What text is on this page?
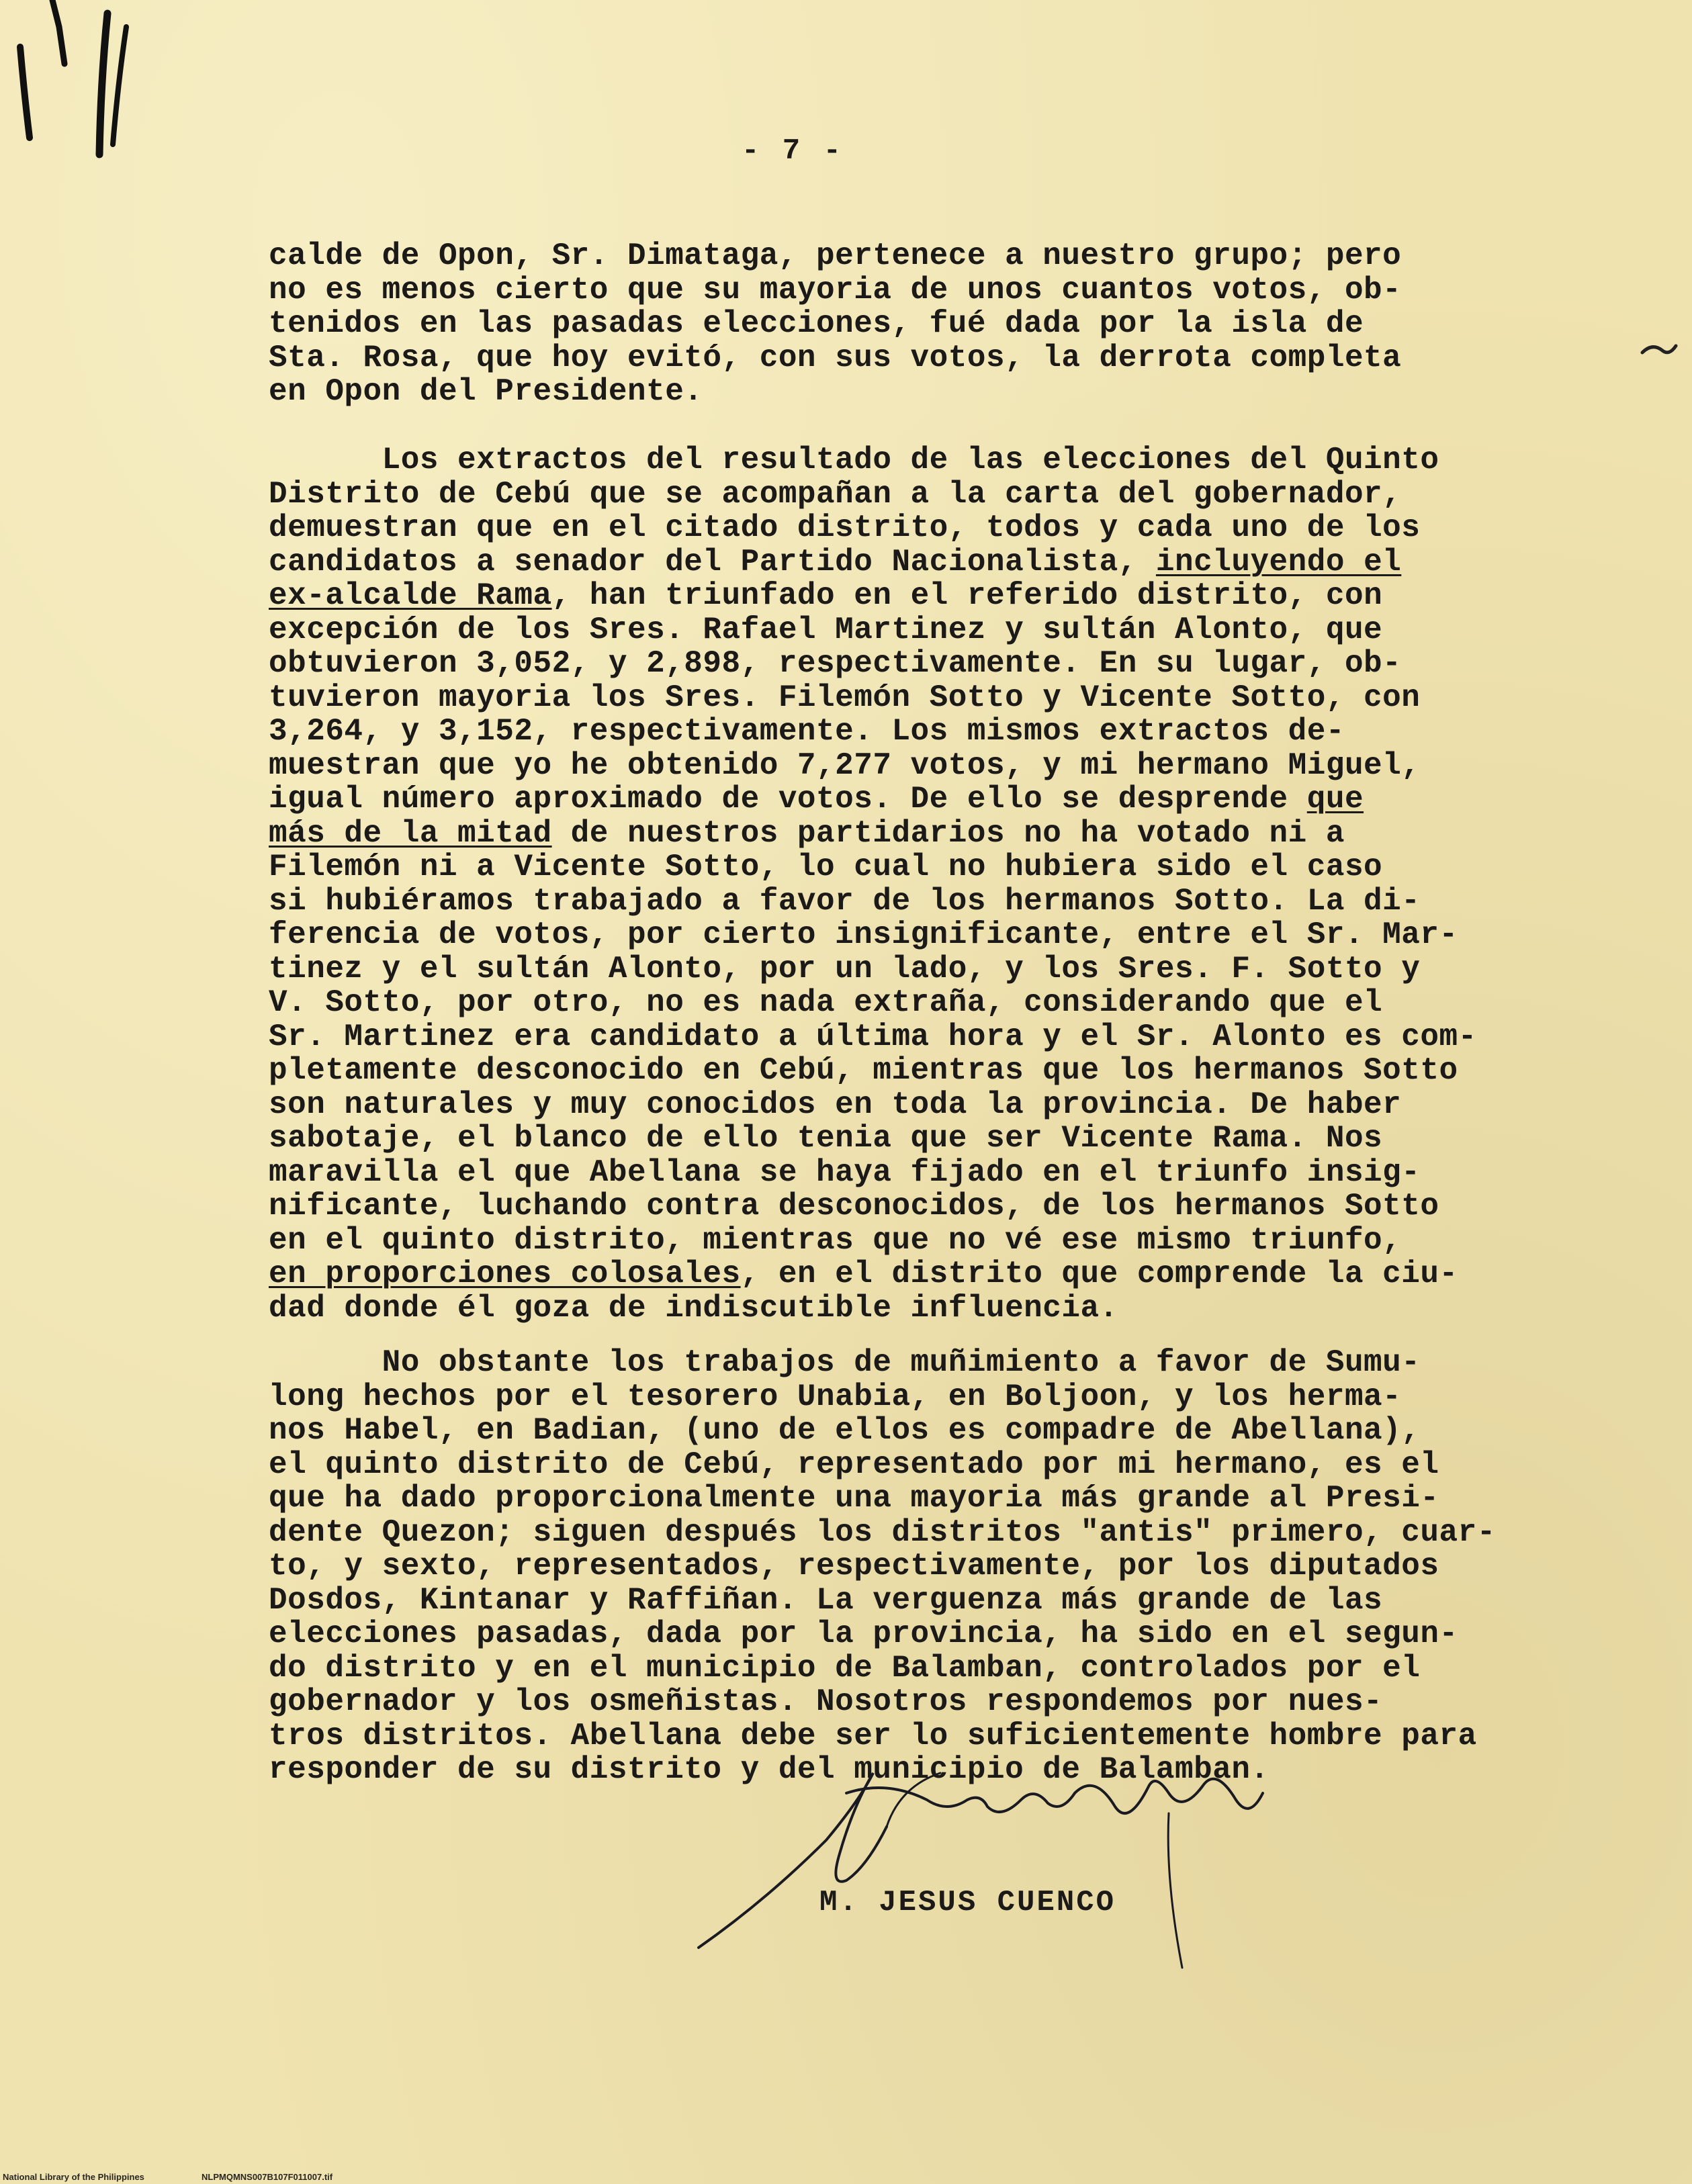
- 7 -
calde de Opon, Sr. Dimataga, pertenece a nuestro grupo; pero
no es menos cierto que su mayoria de unos cuantos votos, ob-
tenidos en las pasadas elecciones, fué dada por la isla de
Sta. Rosa, que hoy evitó, con sus votos, la derrota completa
en Opon del Presidente.
Los extractos del resultado de las elecciones del Quinto
Distrito de Cebú que se acompañan a la carta del gobernador,
demuestran que en el citado distrito, todos y cada uno de los
candidatos a senador del Partido Nacionalista, incluyendo el
ex-alcalde Rama, han triunfado en el referido distrito, con
excepción de los Sres. Rafael Martinez y sultán Alonto, que
obtuvieron 3,052, y 2,898, respectivamente. En su lugar, ob-
tuvieron mayoria los Sres. Filemón Sotto y Vicente Sotto, con
3,264, y 3,152, respectivamente. Los mismos extractos de-
muestran que yo he obtenido 7,277 votos, y mi hermano Miguel,
igual número aproximado de votos. De ello se desprende que
más de la mitad de nuestros partidarios no ha votado ni a
Filemón ni a Vicente Sotto, lo cual no hubiera sido el caso
si hubiéramos trabajado a favor de los hermanos Sotto. La di-
ferencia de votos, por cierto insignificante, entre el Sr. Mar-
tinez y el sultán Alonto, por un lado, y los Sres. F. Sotto y
V. Sotto, por otro, no es nada extraña, considerando que el
Sr. Martinez era candidato a última hora y el Sr. Alonto es com-
pletamente desconocido en Cebú, mientras que los hermanos Sotto
son naturales y muy conocidos en toda la provincia. De haber
sabotaje, el blanco de ello tenia que ser Vicente Rama. Nos
maravilla el que Abellana se haya fijado en el triunfo insig-
nificante, luchando contra desconocidos, de los hermanos Sotto
en el quinto distrito, mientras que no vé ese mismo triunfo,
en proporciones colosales, en el distrito que comprende la ciu-
dad donde él goza de indiscutible influencia.
No obstante los trabajos de muñimiento a favor de Sumu-
long hechos por el tesorero Unabia, en Boljoon, y los herma-
nos Habel, en Badian, (uno de ellos es compadre de Abellana),
el quinto distrito de Cebú, representado por mi hermano, es el
que ha dado proporcionalmente una mayoria más grande al Presi-
dente Quezon; siguen después los distritos "antis" primero, cuar-
to, y sexto, representados, respectivamente, por los diputados
Dosdos, Kintanar y Raffiñan. La verguenza más grande de las
elecciones pasadas, dada por la provincia, ha sido en el segun-
do distrito y en el municipio de Balamban, controlados por el
gobernador y los osmeñistas. Nosotros respondemos por nues-
tros distritos. Abellana debe ser lo suficientemente hombre para
responder de su distrito y del municipio de Balamban.
M. JESUS CUENCO
National Library of the Philippines	NLPMQMNS007B107F011007.tif
